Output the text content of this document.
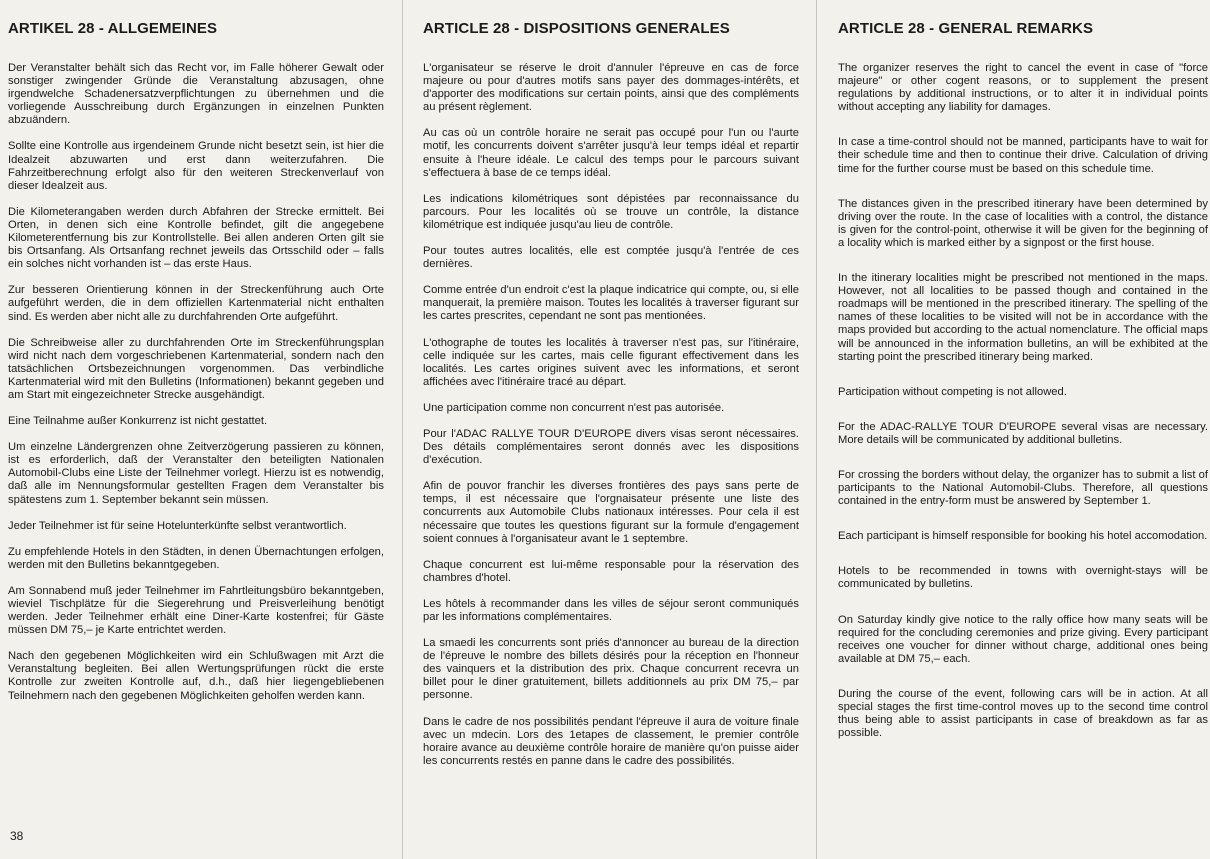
ARTIKEL 28 - ALLGEMEINES

Der Veranstalter behält sich das Recht vor, im Falle höherer Gewalt oder sonstiger zwingender Gründe die Veranstaltung abzusagen, ohne irgendwelche Schadenersatzverpflichtungen zu übernehmen und die vorliegende Ausschreibung durch Ergänzungen in einzelnen Punkten abzuändern.

Sollte eine Kontrolle aus irgendeinem Grunde nicht besetzt sein, ist hier die Idealzeit abzuwarten und erst dann weiterzufahren. Die Fahrzeitberechnung erfolgt also für den weiteren Streckenverlauf von dieser Idealzeit aus.

Die Kilometerangaben werden durch Abfahren der Strecke ermittelt. Bei Orten, in denen sich eine Kontrolle befindet, gilt die angegebene Kilometerentfernung bis zur Kontrollstelle. Bei allen anderen Orten gilt sie bis Ortsanfang. Als Ortsanfang rechnet jeweils das Ortsschild oder – falls ein solches nicht vorhanden ist – das erste Haus.

Zur besseren Orientierung können in der Streckenführung auch Orte aufgeführt werden, die in dem offiziellen Kartenmaterial nicht enthalten sind. Es werden aber nicht alle zu durchfahrenden Orte aufgeführt.

Die Schreibweise aller zu durchfahrenden Orte im Streckenführungsplan wird nicht nach dem vorgeschriebenen Kartenmaterial, sondern nach den tatsächlichen Ortsbezeichnungen vorgenommen. Das verbindliche Kartenmaterial wird mit den Bulletins (Informationen) bekannt gegeben und am Start mit eingezeichneter Strecke ausgehändigt.

Eine Teilnahme außer Konkurrenz ist nicht gestattet.

Um einzelne Ländergrenzen ohne Zeitverzögerung passieren zu können, ist es erforderlich, daß der Veranstalter den beteiligten Nationalen Automobil-Clubs eine Liste der Teilnehmer vorlegt. Hierzu ist es notwendig, daß alle im Nennungsformular gestellten Fragen dem Veranstalter bis spätestens zum 1. September bekannt sein müssen.

Jeder Teilnehmer ist für seine Hotelunterkünfte selbst verantwortlich.

Zu empfehlende Hotels in den Städten, in denen Übernachtungen erfolgen, werden mit den Bulletins bekanntgegeben.

Am Sonnabend muß jeder Teilnehmer im Fahrtleitungsbüro bekanntgeben, wieviel Tischplätze für die Siegerehrung und Preisverleihung benötigt werden. Jeder Teilnehmer erhält eine Diner-Karte kostenfrei; für Gäste müssen DM 75,– je Karte entrichtet werden.

Nach den gegebenen Möglichkeiten wird ein Schlußwagen mit Arzt die Veranstaltung begleiten. Bei allen Wertungsprüfungen rückt die erste Kontrolle zur zweiten Kontrolle auf, d.h., daß hier liegengebliebenen Teilnehmern nach den gegebenen Möglichkeiten geholfen werden kann.

ARTICLE 28 - DISPOSITIONS GENERALES

L'organisateur se réserve le droit d'annuler l'épreuve en cas de force majeure ou pour d'autres motifs sans payer des dommages-intérêts, et d'apporter des modifications sur certain points, ainsi que des compléments au présent règlement.

Au cas où un contrôle horaire ne serait pas occupé pour l'un ou l'aurte motif, les concurrents doivent s'arrêter jusqu'à leur temps idéal et repartir ensuite à l'heure idéale. Le calcul des temps pour le parcours suivant s'effectuera à base de ce temps idéal.

Les indications kilométriques sont dépistées par reconnaissance du parcours. Pour les localités où se trouve un contrôle, la distance kilométrique est indiquée jusqu'au lieu de contrôle.

Pour toutes autres localités, elle est comptée jusqu'à l'entrée de ces dernières.

Comme entrée d'un endroit c'est la plaque indicatrice qui compte, ou, si elle manquerait, la première maison. Toutes les localités à traverser figurant sur les cartes prescrites, cependant ne sont pas mentionées.

L'othographe de toutes les localités à traverser n'est pas, sur l'itinéraire, celle indiquée sur les cartes, mais celle figurant effectivement dans les localités. Les cartes origines suivent avec les informations, et seront affichées avec l'itinéraire tracé au départ.

Une participation comme non concurrent n'est pas autorisée.

Pour l'ADAC RALLYE TOUR D'EUROPE divers visas seront nécessaires. Des détails complémentaires seront donnés avec les dispositions d'exécution.

Afin de pouvor franchir les diverses frontières des pays sans perte de temps, il est nécessaire que l'orgnaisateur présente une liste des concurrents aux Automobile Clubs nationaux intéresses. Pour cela il est nécessaire que toutes les questions figurant sur la formule d'engagement soient connues à l'organisateur avant le 1 septembre.

Chaque concurrent est lui-même responsable pour la réservation des chambres d'hotel.

Les hôtels à recommander dans les villes de séjour seront communiqués par les informations complémentaires.

La smaedi les concurrents sont priés d'annoncer au bureau de la direction de l'épreuve le nombre des billets désirés pour la réception en l'honneur des vainquers et la distribution des prix. Chaque concurrent recevra un billet pour le diner gratuitement, billets additionnels au prix DM 75,– par personne.

Dans le cadre de nos possibilités pendant l'épreuve il aura de voiture finale avec un mdecin. Lors des 1etapes de classement, le premier contrôle horaire avance au deuxième contrôle horaire de manière qu'on puisse aider les concurrents restés en panne dans le cadre des possibilités.

ARTICLE 28 - GENERAL REMARKS

The organizer reserves the right to cancel the event in case of "force majeure" or other cogent reasons, or to supplement the present regulations by additional instructions, or to alter it in individual points without accepting any liability for damages.

In case a time-control should not be manned, participants have to wait for their schedule time and then to continue their drive. Calculation of driving time for the further course must be based on this schedule time.

The distances given in the prescribed itinerary have been determined by driving over the route. In the case of localities with a control, the distance is given for the control-point, otherwise it will be given for the beginning of a locality which is marked either by a signpost or the first house.

In the itinerary localities might be prescribed not mentioned in the maps. However, not all localities to be passed though and contained in the roadmaps will be mentioned in the prescribed itinerary. The spelling of the names of these localities to be visited will not be in accordance with the maps provided but according to the actual nomenclature. The official maps will be announced in the information bulletins, an will be exhibited at the starting point the prescribed itinerary being marked.

Participation without competing is not allowed.

For the ADAC-RALLYE TOUR D'EUROPE several visas are necessary. More details will be communicated by additional bulletins.

For crossing the borders without delay, the organizer has to submit a list of participants to the National Automobil-Clubs. Therefore, all questions contained in the entry-form must be answered by September 1.

Each participant is himself responsible for booking his hotel accomodation.

Hotels to be recommended in towns with overnight-stays will be communicated by bulletins.

On Saturday kindly give notice to the rally office how many seats will be required for the concluding ceremonies and prize giving. Every participant receives one voucher for dinner without charge, additional ones being available at DM 75,– each.

During the course of the event, following cars will be in action. At all special stages the first time-control moves up to the second time control thus being able to assist participants in case of breakdown as far as possible.

38
